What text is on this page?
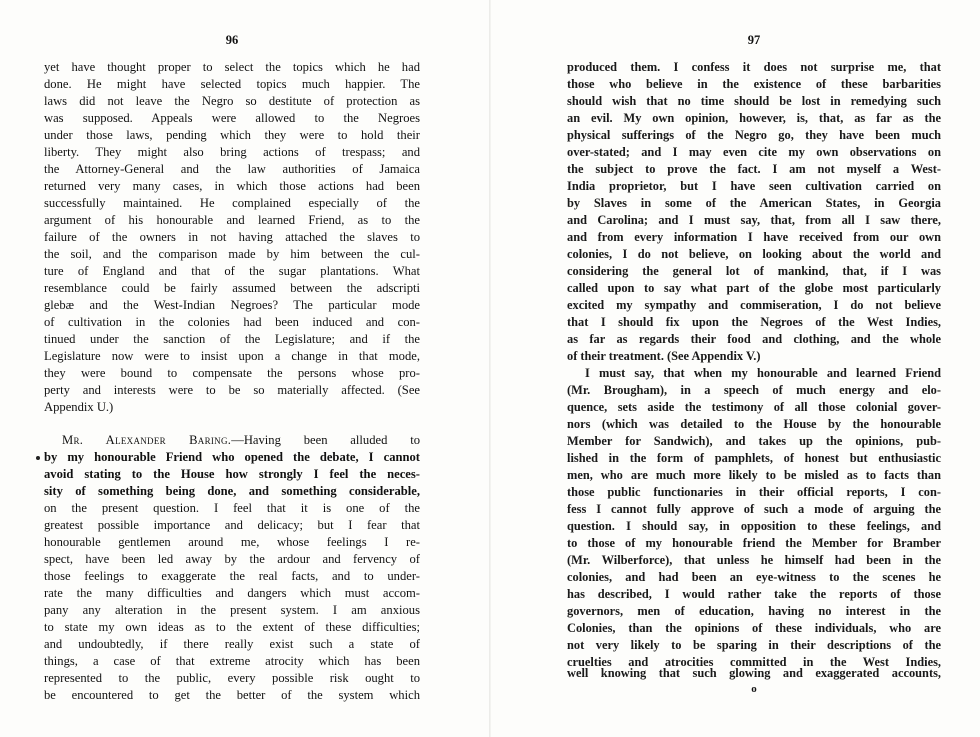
96
yet have thought proper to select the topics which he had
done. He might have selected topics much happier. The
laws did not leave the Negro so destitute of protection as
was supposed. Appeals were allowed to the Negroes
under those laws, pending which they were to hold their
liberty. They might also bring actions of trespass; and
the Attorney-General and the law authorities of Jamaica
returned very many cases, in which those actions had been
successfully maintained. He complained especially of the
argument of his honourable and learned Friend, as to the
failure of the owners in not having attached the slaves to
the soil, and the comparison made by him between the cul-
ture of England and that of the sugar plantations. What
resemblance could be fairly assumed between the adscripti
glebæ and the West-Indian Negroes? The particular mode
of cultivation in the colonies had been induced and con-
tinued under the sanction of the Legislature; and if the
Legislature now were to insist upon a change in that mode,
they were bound to compensate the persons whose pro-
perty and interests were to be so materially affected. (See
Appendix U.)
Mr. Alexander Baring.—Having been alluded to
by my honourable Friend who opened the debate, I cannot
avoid stating to the House how strongly I feel the neces-
sity of something being done, and something considerable,
on the present question. I feel that it is one of the
greatest possible importance and delicacy; but I fear that
honourable gentlemen around me, whose feelings I re-
spect, have been led away by the ardour and fervency of
those feelings to exaggerate the real facts, and to under-
rate the many difficulties and dangers which must accom-
pany any alteration in the present system. I am anxious
to state my own ideas as to the extent of these difficulties;
and undoubtedly, if there really exist such a state of
things, a case of that extreme atrocity which has been
represented to the public, every possible risk ought to
be encountered to get the better of the system which
97
produced them. I confess it does not surprise me, that
those who believe in the existence of these barbarities
should wish that no time should be lost in remedying such
an evil. My own opinion, however, is, that, as far as the
physical sufferings of the Negro go, they have been much
over-stated; and I may even cite my own observations on
the subject to prove the fact. I am not myself a West-
India proprietor, but I have seen cultivation carried on
by Slaves in some of the American States, in Georgia
and Carolina; and I must say, that, from all I saw there,
and from every information I have received from our own
colonies, I do not believe, on looking about the world and
considering the general lot of mankind, that, if I was
called upon to say what part of the globe most particularly
excited my sympathy and commiseration, I do not believe
that I should fix upon the Negroes of the West Indies,
as far as regards their food and clothing, and the whole
of their treatment. (See Appendix V.)
I must say, that when my honourable and learned Friend
(Mr. Brougham), in a speech of much energy and elo-
quence, sets aside the testimony of all those colonial gover-
nors (which was detailed to the House by the honourable
Member for Sandwich), and takes up the opinions, pub-
lished in the form of pamphlets, of honest but enthusiastic
men, who are much more likely to be misled as to facts than
those public functionaries in their official reports, I con-
fess I cannot fully approve of such a mode of arguing the
question. I should say, in opposition to these feelings, and
to those of my honourable friend the Member for Bramber
(Mr. Wilberforce), that unless he himself had been in the
colonies, and had been an eye-witness to the scenes he
has described, I would rather take the reports of those
governors, men of education, having no interest in the
Colonies, than the opinions of these individuals, who are
not very likely to be sparing in their descriptions of the
cruelties and atrocities committed in the West Indies,
well knowing that such glowing and exaggerated accounts,
o
